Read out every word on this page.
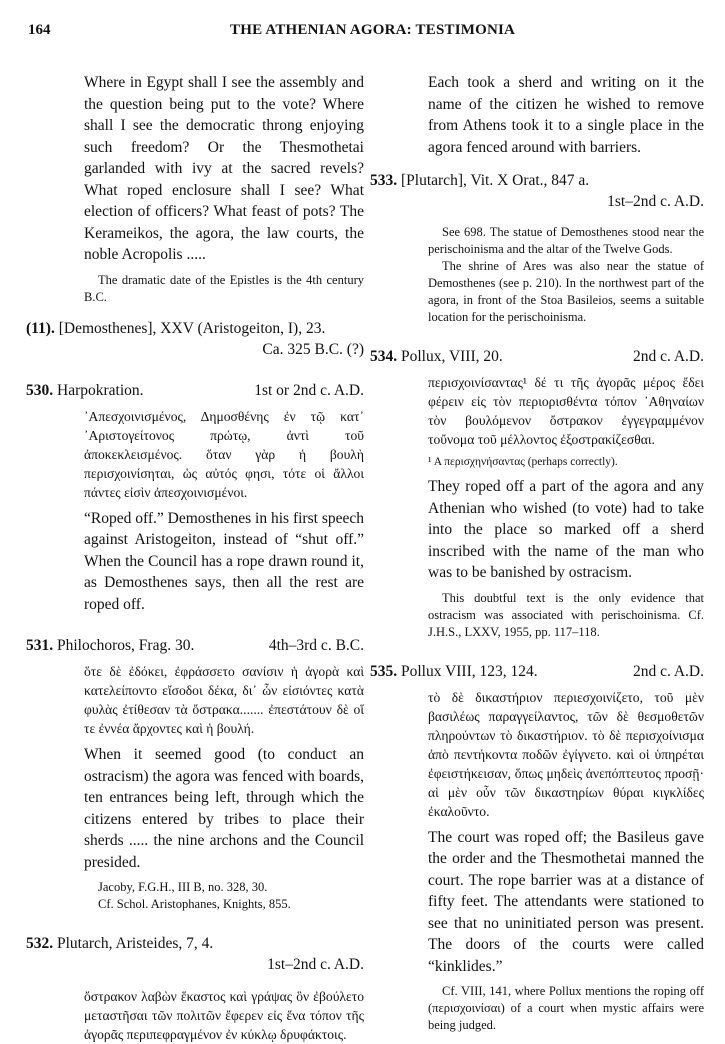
164	THE ATHENIAN AGORA: TESTIMONIA

Where in Egypt shall I see the assembly and the question being put to the vote? Where shall I see the democratic throng enjoying such freedom? Or the Thesmothetai garlanded with ivy at the sacred revels? What roped enclosure shall I see? What election of officers? What feast of pots? The Kerameikos, the agora, the law courts, the noble Acropolis .....

The dramatic date of the Epistles is the 4th century B.C.

(11). [Demosthenes], XXV (Aristogeiton, I), 23.
Ca. 325 B.C. (?)
530. Harpokration.	1st or 2nd c. A.D.

᾿Απεσχοινισμένος, Δημοσθένης ἐν τῷ κατ᾿ ᾿Αριστογείτονος πρώτῳ, ἀντὶ τοῦ ἀποκεκλεισμένος. ὅταν γὰρ ἡ βουλὴ περισχοινίσηται, ὡς αὐτός φησι, τότε οἱ ἄλλοι πάντες εἰσὶν ἀπεσχοινισμένοι.

“Roped off.” Demosthenes in his first speech against Aristogeiton, instead of “shut off.” When the Council has a rope drawn round it, as Demosthenes says, then all the rest are roped off.

531. Philochoros, Frag. 30.	4th–3rd c. B.C.

ὅτε δὲ ἐδόκει, ἐφράσσετο σανίσιν ἡ ἀγορὰ καὶ κατελείποντο εἴσοδοι δέκα, δι᾿ ὧν εἰσιόντες κατὰ φυλὰς ἐτίθεσαν τὰ ὄστρακα....... ἐπεστάτουν δὲ οἵ τε ἐννέα ἄρχοντες καὶ ἡ βουλή.

When it seemed good (to conduct an ostracism) the agora was fenced with boards, ten entrances being left, through which the citizens entered by tribes to place their sherds ..... the nine archons and the Council presided.

Jacoby, F.G.H., III B, no. 328, 30.

Cf. Schol. Aristophanes, Knights, 855.

532. Plutarch, Aristeides, 7, 4.
1st–2nd c. A.D.

ὄστρακον λαβὼν ἕκαστος καὶ γράψας ὃν ἐβούλετο μεταστῆσαι τῶν πολιτῶν ἔφερεν εἰς ἕνα τόπον τῆς ἀγορᾶς περιπεφραγμένον ἐν κύκλῳ δρυφάκτοις.

Each took a sherd and writing on it the name of the citizen he wished to remove from Athens took it to a single place in the agora fenced around with barriers.

533. [Plutarch], Vit. X Orat., 847 a.
1st–2nd c. A.D.

See 698. The statue of Demosthenes stood near the perischoinisma and the altar of the Twelve Gods.

The shrine of Ares was also near the statue of Demosthenes (see p. 210). In the northwest part of the agora, in front of the Stoa Basileios, seems a suitable location for the perischoinisma.

534. Pollux, VIII, 20.	2nd c. A.D.

περισχοινίσαντας¹ δέ τι τῆς ἀγορᾶς μέρος ἔδει φέρειν εἰς τὸν περιορισθέντα τόπον ᾿Αθηναίων τὸν βουλόμενον ὄστρακον ἐγγεγραμμένον τοὔνομα τοῦ μέλλοντος ἐξοστρακίζεσθαι.

¹ A περισχηνήσαντας (perhaps correctly).

They roped off a part of the agora and any Athenian who wished (to vote) had to take into the place so marked off a sherd inscribed with the name of the man who was to be banished by ostracism.

This doubtful text is the only evidence that ostracism was associated with perischoinisma. Cf. J.H.S., LXXV, 1955, pp. 117–118.

535. Pollux VIII, 123, 124.	2nd c. A.D.

τὸ δὲ δικαστήριον περιεσχοινίζετο, τοῦ μὲν βασιλέως παραγγείλαντος, τῶν δὲ θεσμοθετῶν πληρούντων τὸ δικαστήριον. τὸ δὲ περισχοίνισμα ἀπὸ πεντήκοντα ποδῶν ἐγίγνετο. καὶ οἱ ὑπηρέται ἐφειστήκεισαν, ὅπως μηδεὶς ἀνεπόπτευτος προσῇ· αἱ μὲν οὖν τῶν δικαστηρίων θύραι κιγκλίδες ἐκαλοῦντο.

The court was roped off; the Basileus gave the order and the Thesmothetai manned the court. The rope barrier was at a distance of fifty feet. The attendants were stationed to see that no uninitiated person was present. The doors of the courts were called “kinklides.”

Cf. VIII, 141, where Pollux mentions the roping off (περισχοινίσαι) of a court when mystic affairs were being judged.
